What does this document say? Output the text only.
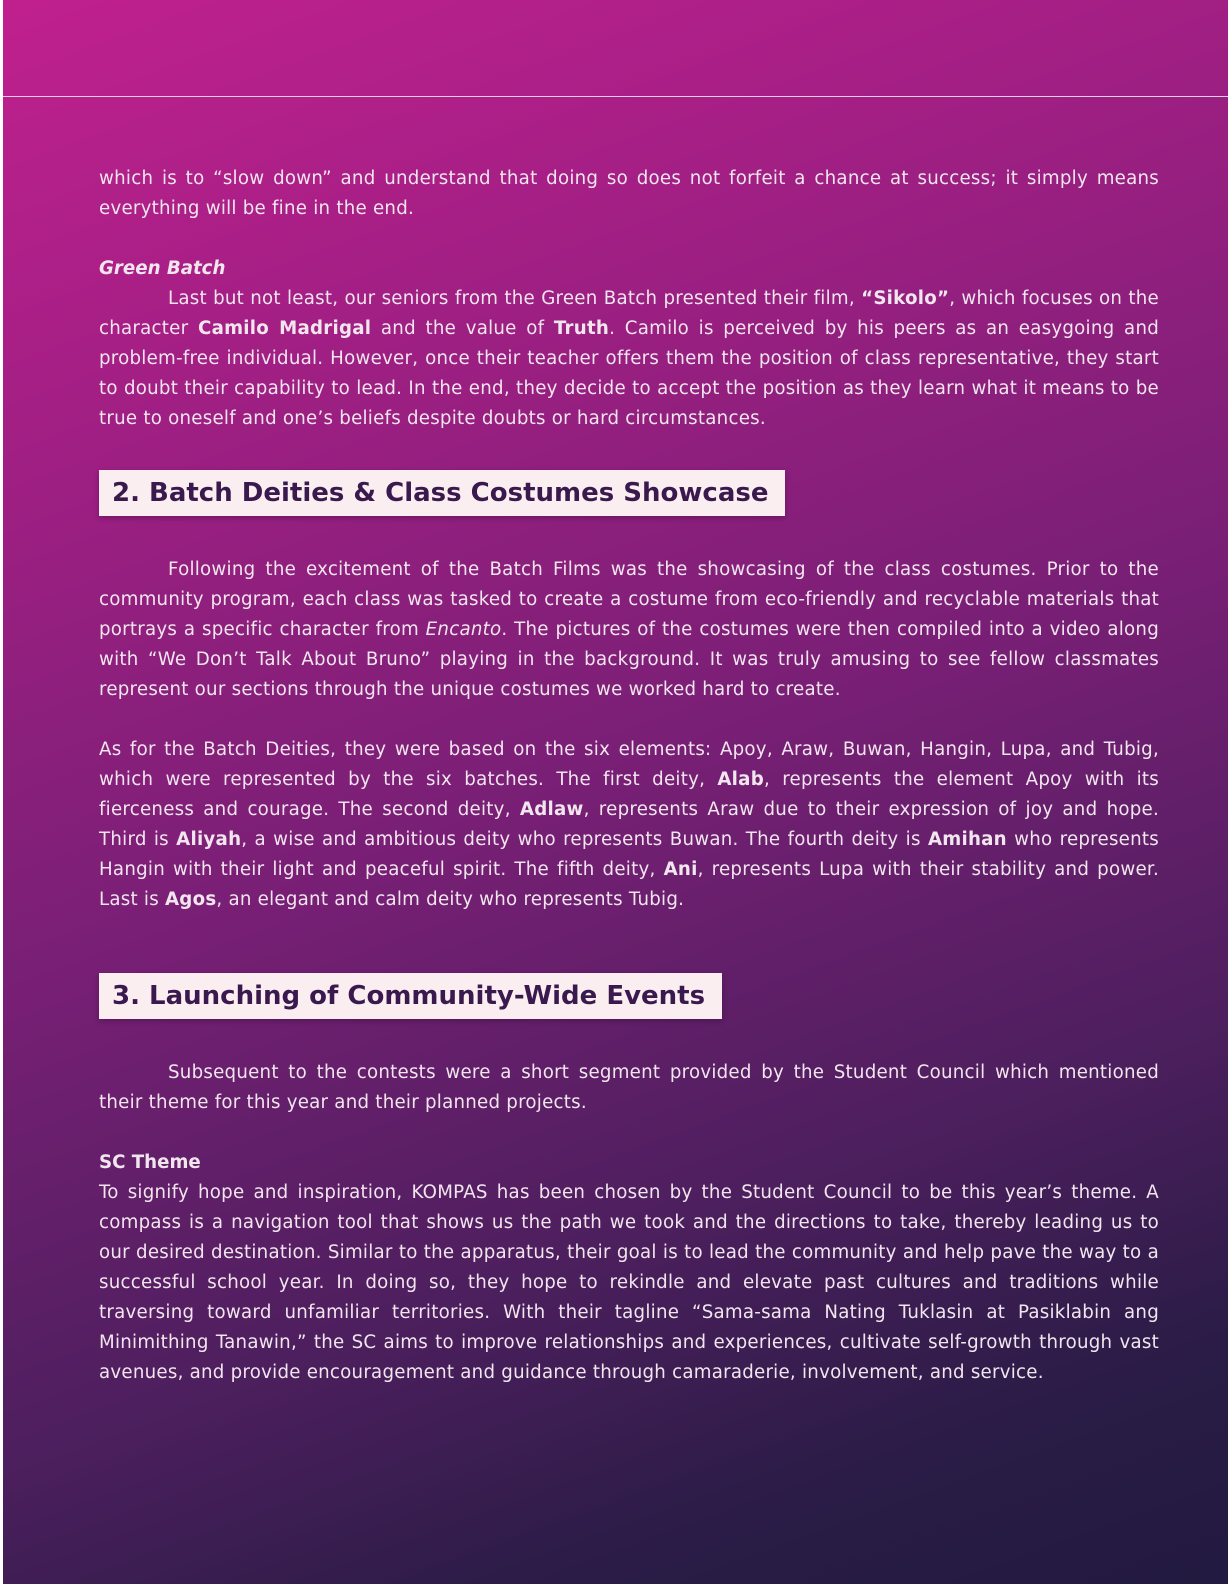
which is to “slow down” and understand that doing so does not forfeit a chance at success; it simply means everything will be fine in the end.

Green Batch

Last but not least, our seniors from the Green Batch presented their film, “Sikolo”, which focuses on the character Camilo Madrigal and the value of Truth. Camilo is perceived by his peers as an easygoing and problem-free individual. However, once their teacher offers them the position of class representative, they start to doubt their capability to lead. In the end, they decide to accept the position as they learn what it means to be true to oneself and one’s beliefs despite doubts or hard circumstances.

2. Batch Deities & Class Costumes Showcase

Following the excitement of the Batch Films was the showcasing of the class costumes. Prior to the community program, each class was tasked to create a costume from eco-friendly and recyclable materials that portrays a specific character from Encanto. The pictures of the costumes were then compiled into a video along with “We Don’t Talk About Bruno” playing in the background. It was truly amusing to see fellow classmates represent our sections through the unique costumes we worked hard to create.

As for the Batch Deities, they were based on the six elements: Apoy, Araw, Buwan, Hangin, Lupa, and Tubig, which were represented by the six batches. The first deity, Alab, represents the element Apoy with its fierceness and courage. The second deity, Adlaw, represents Araw due to their expression of joy and hope. Third is Aliyah, a wise and ambitious deity who represents Buwan. The fourth deity is Amihan who represents Hangin with their light and peaceful spirit. The fifth deity, Ani, represents Lupa with their stability and power. Last is Agos, an elegant and calm deity who represents Tubig.

3. Launching of Community-Wide Events

Subsequent to the contests were a short segment provided by the Student Council which mentioned their theme for this year and their planned projects.

SC Theme

To signify hope and inspiration, KOMPAS has been chosen by the Student Council to be this year’s theme. A compass is a navigation tool that shows us the path we took and the directions to take, thereby leading us to our desired destination. Similar to the apparatus, their goal is to lead the community and help pave the way to a successful school year. In doing so, they hope to rekindle and elevate past cultures and traditions while traversing toward unfamiliar territories. With their tagline “Sama-sama Nating Tuklasin at Pasiklabin ang Minimithing Tanawin,” the SC aims to improve relationships and experiences, cultivate self-growth through vast avenues, and provide encouragement and guidance through camaraderie, involvement, and service.
